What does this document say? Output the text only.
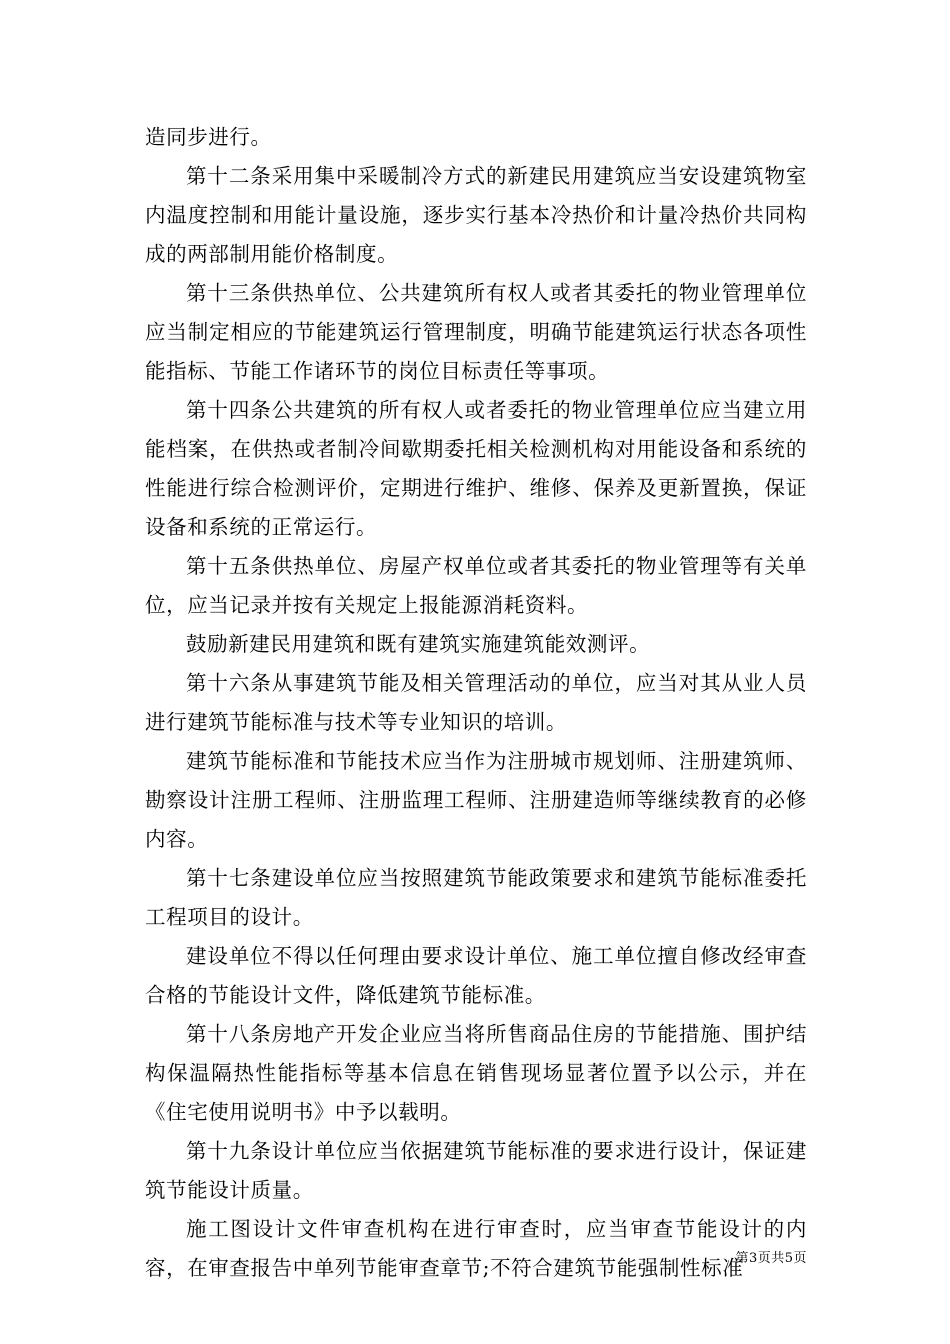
造同步进行。

第十二条采用集中采暖制冷方式的新建民用建筑应当安设建筑物室内温度控制和用能计量设施，逐步实行基本冷热价和计量冷热价共同构成的两部制用能价格制度。

第十三条供热单位、公共建筑所有权人或者其委托的物业管理单位应当制定相应的节能建筑运行管理制度，明确节能建筑运行状态各项性能指标、节能工作诸环节的岗位目标责任等事项。

第十四条公共建筑的所有权人或者委托的物业管理单位应当建立用能档案，在供热或者制冷间歇期委托相关检测机构对用能设备和系统的性能进行综合检测评价，定期进行维护、维修、保养及更新置换，保证设备和系统的正常运行。

第十五条供热单位、房屋产权单位或者其委托的物业管理等有关单位，应当记录并按有关规定上报能源消耗资料。

鼓励新建民用建筑和既有建筑实施建筑能效测评。

第十六条从事建筑节能及相关管理活动的单位，应当对其从业人员进行建筑节能标准与技术等专业知识的培训。

建筑节能标准和节能技术应当作为注册城市规划师、注册建筑师、勘察设计注册工程师、注册监理工程师、注册建造师等继续教育的必修内容。

第十七条建设单位应当按照建筑节能政策要求和建筑节能标准委托工程项目的设计。

建设单位不得以任何理由要求设计单位、施工单位擅自修改经审查合格的节能设计文件，降低建筑节能标准。

第十八条房地产开发企业应当将所售商品住房的节能措施、围护结构保温隔热性能指标等基本信息在销售现场显著位置予以公示，并在《住宅使用说明书》中予以载明。

第十九条设计单位应当依据建筑节能标准的要求进行设计，保证建筑节能设计质量。

施工图设计文件审查机构在进行审查时，应当审查节能设计的内容，在审查报告中单列节能审查章节;不符合建筑节能强制性标准

第3页共5页
